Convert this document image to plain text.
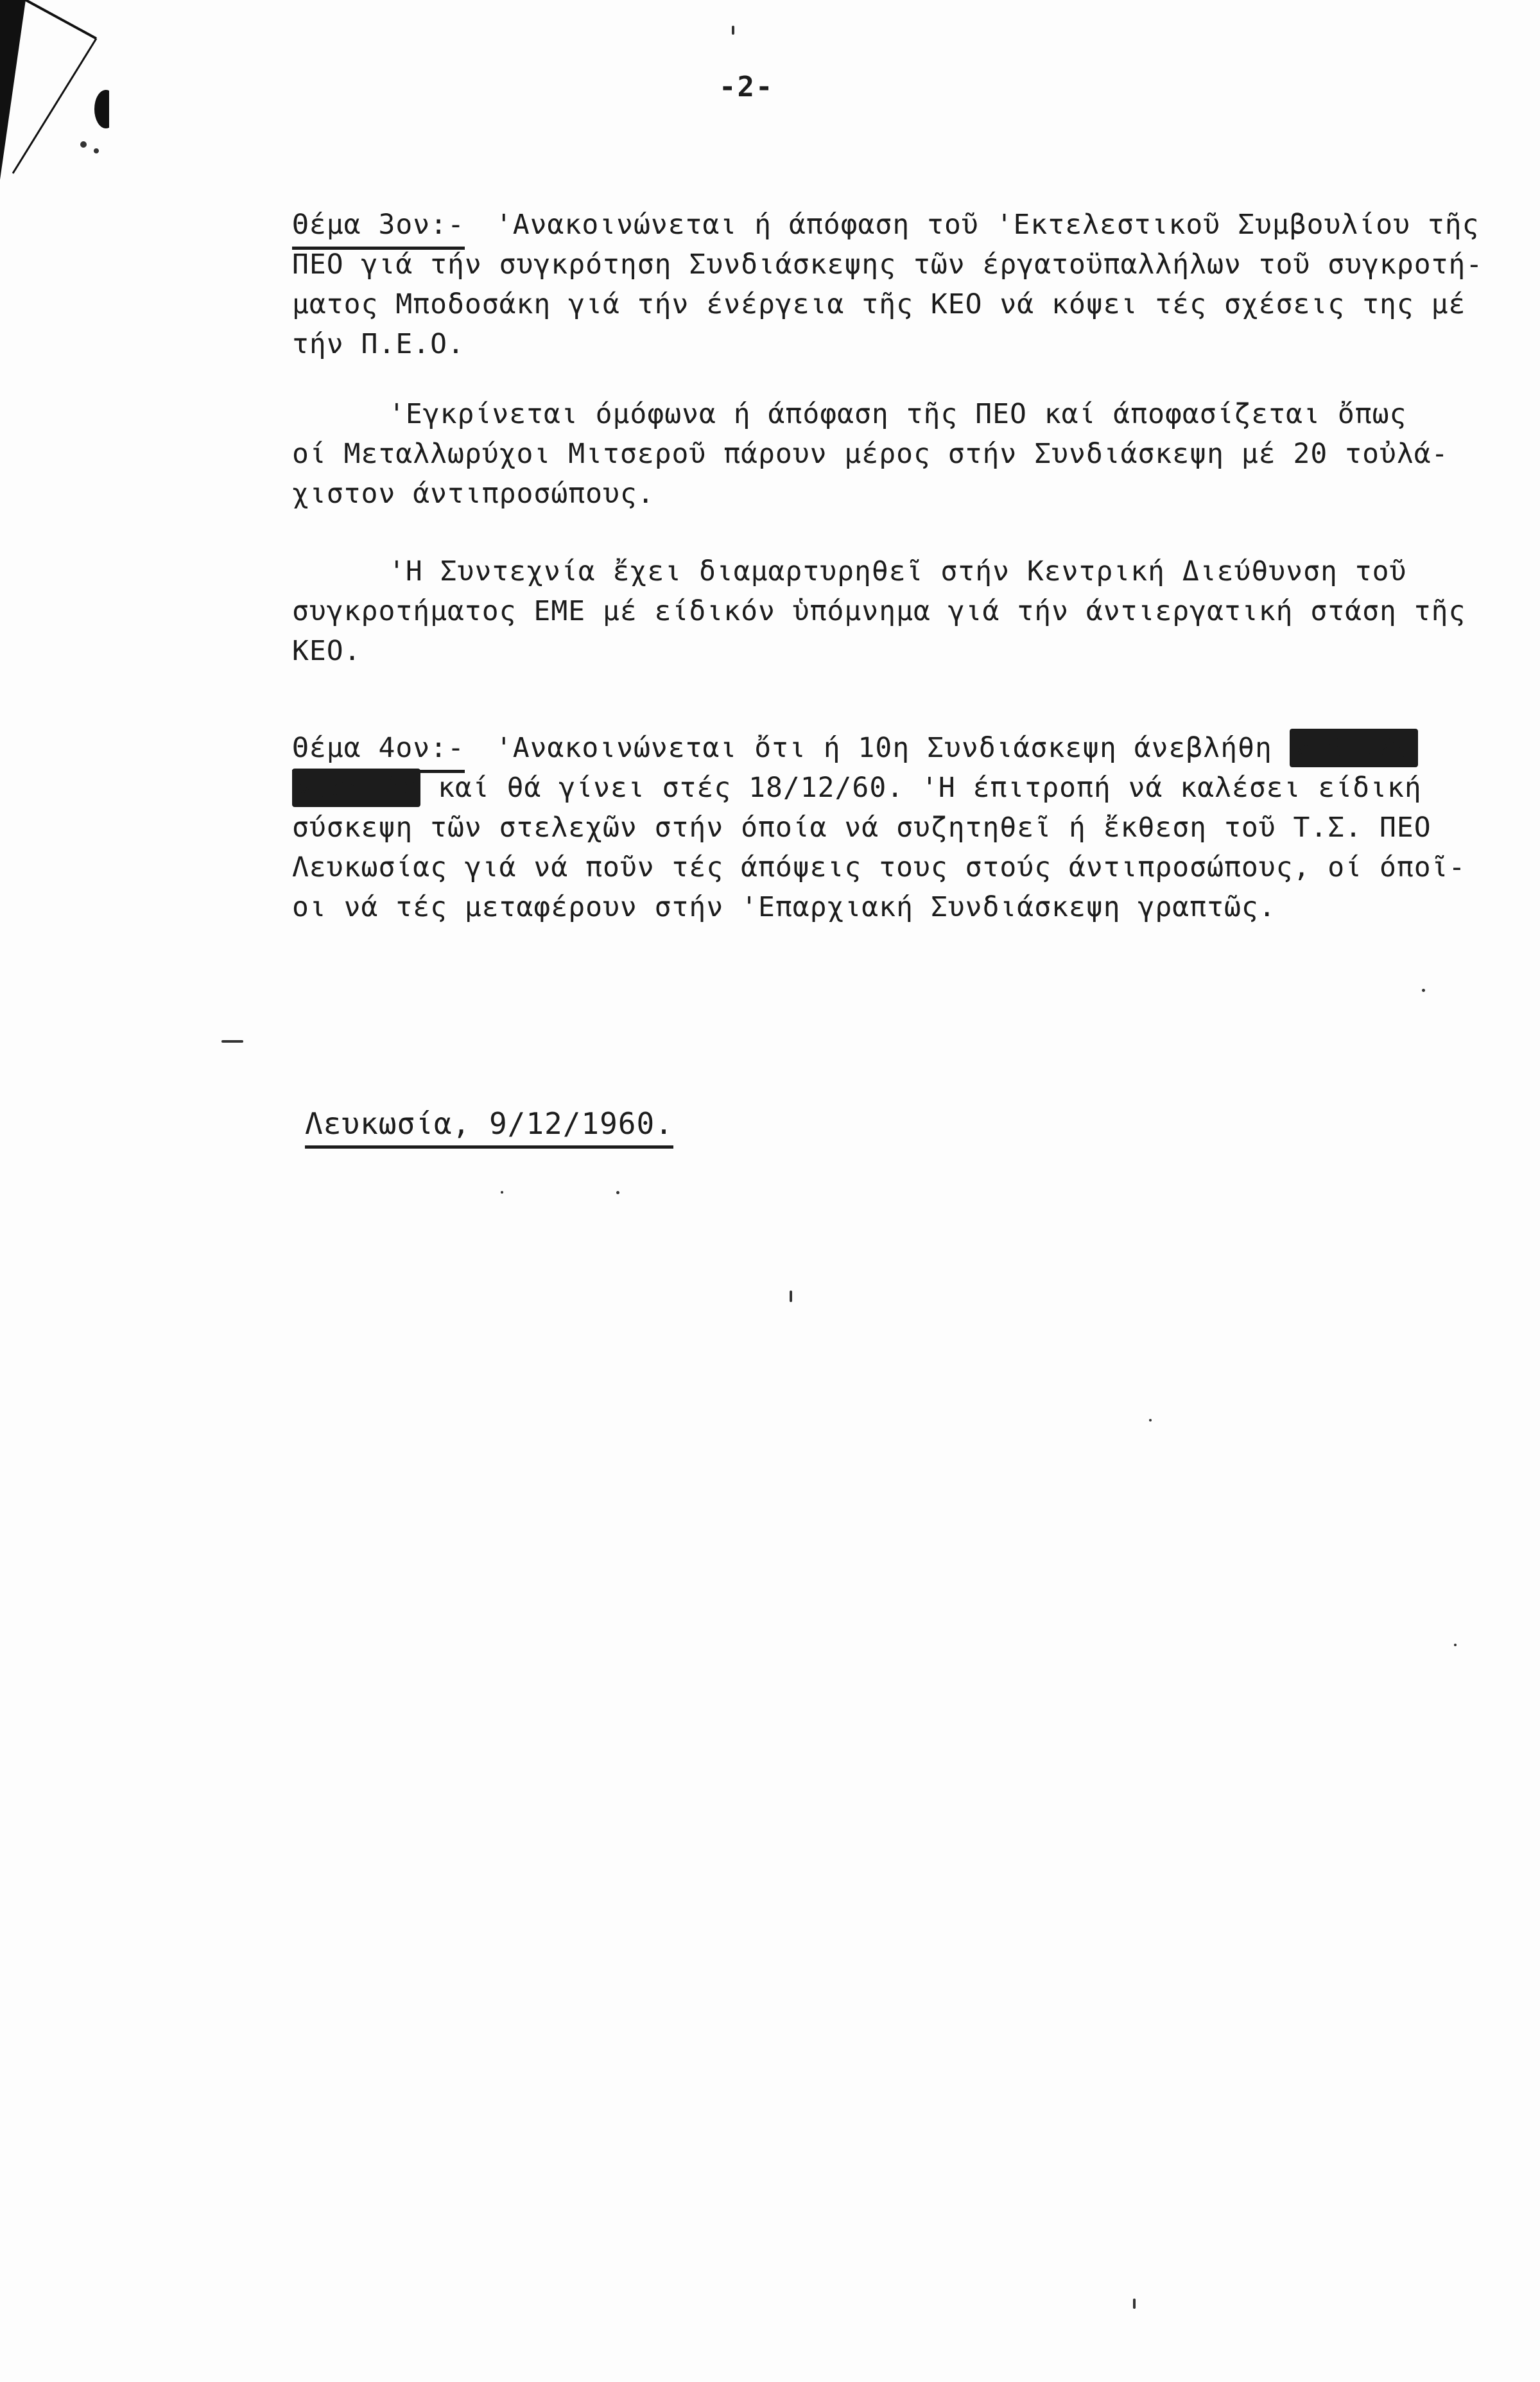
-2-
Θέμα 3ον:- 'Ανακοινώνεται ή άπόφαση τοῦ 'Εκτελεστικοῦ Συμβουλίου τῆς
ΠΕΟ γιά τήν συγκρότηση Συνδιάσκεψης τῶν έργατοϋπαλλήλων τοῦ συγκροτή-
ματος Μποδοσάκη γιά τήν ένέργεια τῆς ΚΕΟ νά κόψει τές σχέσεις της μέ
τήν Π.Ε.Ο.
'Εγκρίνεται όμόφωνα ή άπόφαση τῆς ΠΕΟ καί άποφασίζεται ὄπως
οί Μεταλλωρύχοι Μιτσεροῦ πάρουν μέρος στήν Συνδιάσκεψη μέ 20 τοὐλά-
χιστον άντιπροσώπους.
'Η Συντεχνία ἔχει διαμαρτυρηθεῖ στήν Κεντρική Διεύθυνση τοῦ
συγκροτήματος ΕΜΕ μέ είδικόν ὑπόμνημα γιά τήν άντιεργατική στάση τῆς
ΚΕΟ.
Θέμα 4ον:- 'Ανακοινώνεται ὄτι ή 10η Συνδιάσκεψη άνεβλήθη γιά τές
γιορτές καί θά γίνει στές 18/12/60. 'Η έπιτροπή νά καλέσει είδική
σύσκεψη τῶν στελεχῶν στήν όποία νά συζητηθεῖ ή ἔκθεση τοῦ Τ.Σ. ΠΕΟ
Λευκωσίας γιά νά ποῦν τές άπόψεις τους στούς άντιπροσώπους, οί όποῖ-
οι νά τές μεταφέρουν στήν 'Επαρχιακή Συνδιάσκεψη γραπτῶς.
Λευκωσία, 9/12/1960.
